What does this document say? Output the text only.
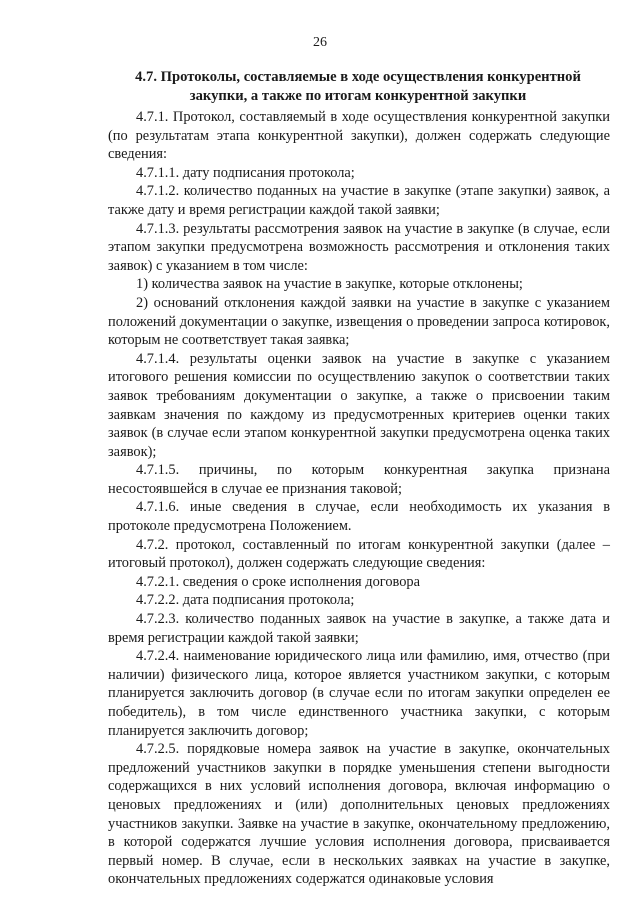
26
4.7. Протоколы, составляемые в ходе осуществления конкурентной закупки, а также по итогам конкурентной закупки

4.7.1. Протокол, составляемый в ходе осуществления конкурентной закупки (по результатам этапа конкурентной закупки), должен содержать следующие сведения:

4.7.1.1. дату подписания протокола;

4.7.1.2. количество поданных на участие в закупке (этапе закупки) заявок, а также дату и время регистрации каждой такой заявки;

4.7.1.3. результаты рассмотрения заявок на участие в закупке (в случае, если этапом закупки предусмотрена возможность рассмотрения и отклонения таких заявок) с указанием в том числе:

1) количества заявок на участие в закупке, которые отклонены;

2) оснований отклонения каждой заявки на участие в закупке с указанием положений документации о закупке, извещения о проведении запроса котировок, которым не соответствует такая заявка;

4.7.1.4. результаты оценки заявок на участие в закупке с указанием итогового решения комиссии по осуществлению закупок о соответствии таких заявок требованиям документации о закупке, а также о присвоении таким заявкам значения по каждому из предусмотренных критериев оценки таких заявок (в случае если этапом конкурентной закупки предусмотрена оценка таких заявок);

4.7.1.5. причины, по которым конкурентная закупка признана несостоявшейся в случае ее признания таковой;

4.7.1.6. иные сведения в случае, если необходимость их указания в протоколе предусмотрена Положением.

4.7.2. протокол, составленный по итогам конкурентной закупки (далее – итоговый протокол), должен содержать следующие сведения:

4.7.2.1. сведения о сроке исполнения договора

4.7.2.2. дата подписания протокола;

4.7.2.3. количество поданных заявок на участие в закупке, а также дата и время регистрации каждой такой заявки;

4.7.2.4. наименование юридического лица или фамилию, имя, отчество (при наличии) физического лица, которое является участником закупки, с которым планируется заключить договор (в случае если по итогам закупки определен ее победитель), в том числе единственного участника закупки, с которым планируется заключить договор;

4.7.2.5. порядковые номера заявок на участие в закупке, окончательных предложений участников закупки в порядке уменьшения степени выгодности содержащихся в них условий исполнения договора, включая информацию о ценовых предложениях и (или) дополнительных ценовых предложениях участников закупки. Заявке на участие в закупке, окончательному предложению, в которой содержатся лучшие условия исполнения договора, присваивается первый номер. В случае, если в нескольких заявках на участие в закупке, окончательных предложениях содержатся одинаковые условия
